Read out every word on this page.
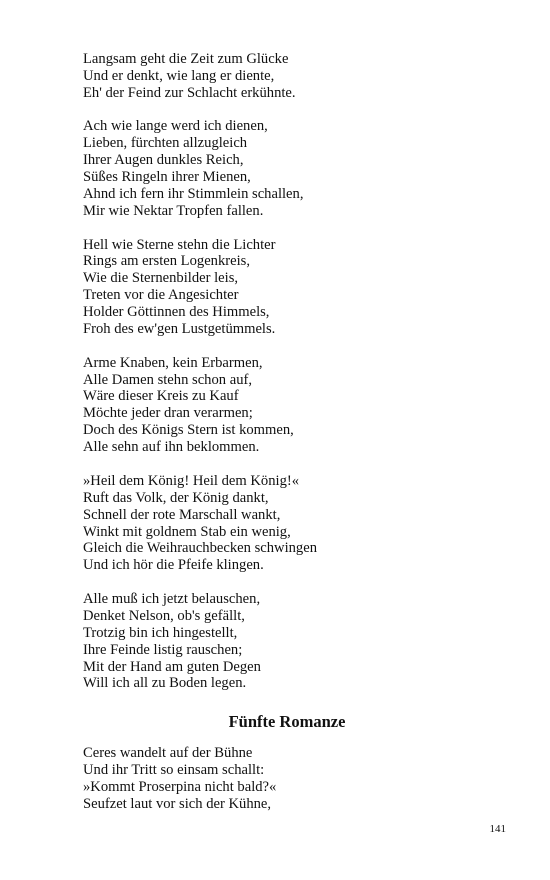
Langsam geht die Zeit zum Glücke
Und er denkt, wie lang er diente,
Eh' der Feind zur Schlacht erkühnte.
Ach wie lange werd ich dienen,
Lieben, fürchten allzugleich
Ihrer Augen dunkles Reich,
Süßes Ringeln ihrer Mienen,
Ahnd ich fern ihr Stimmlein schallen,
Mir wie Nektar Tropfen fallen.
Hell wie Sterne stehn die Lichter
Rings am ersten Logenkreis,
Wie die Sternenbilder leis,
Treten vor die Angesichter
Holder Göttinnen des Himmels,
Froh des ew'gen Lustgetümmels.
Arme Knaben, kein Erbarmen,
Alle Damen stehn schon auf,
Wäre dieser Kreis zu Kauf
Möchte jeder dran verarmen;
Doch des Königs Stern ist kommen,
Alle sehn auf ihn beklommen.
»Heil dem König! Heil dem König!«
Ruft das Volk, der König dankt,
Schnell der rote Marschall wankt,
Winkt mit goldnem Stab ein wenig,
Gleich die Weihrauchbecken schwingen
Und ich hör die Pfeife klingen.
Alle muß ich jetzt belauschen,
Denket Nelson, ob's gefällt,
Trotzig bin ich hingestellt,
Ihre Feinde listig rauschen;
Mit der Hand am guten Degen
Will ich all zu Boden legen.
Fünfte Romanze
Ceres wandelt auf der Bühne
Und ihr Tritt so einsam schallt:
»Kommt Proserpina nicht bald?«
Seufzet laut vor sich der Kühne,
141
